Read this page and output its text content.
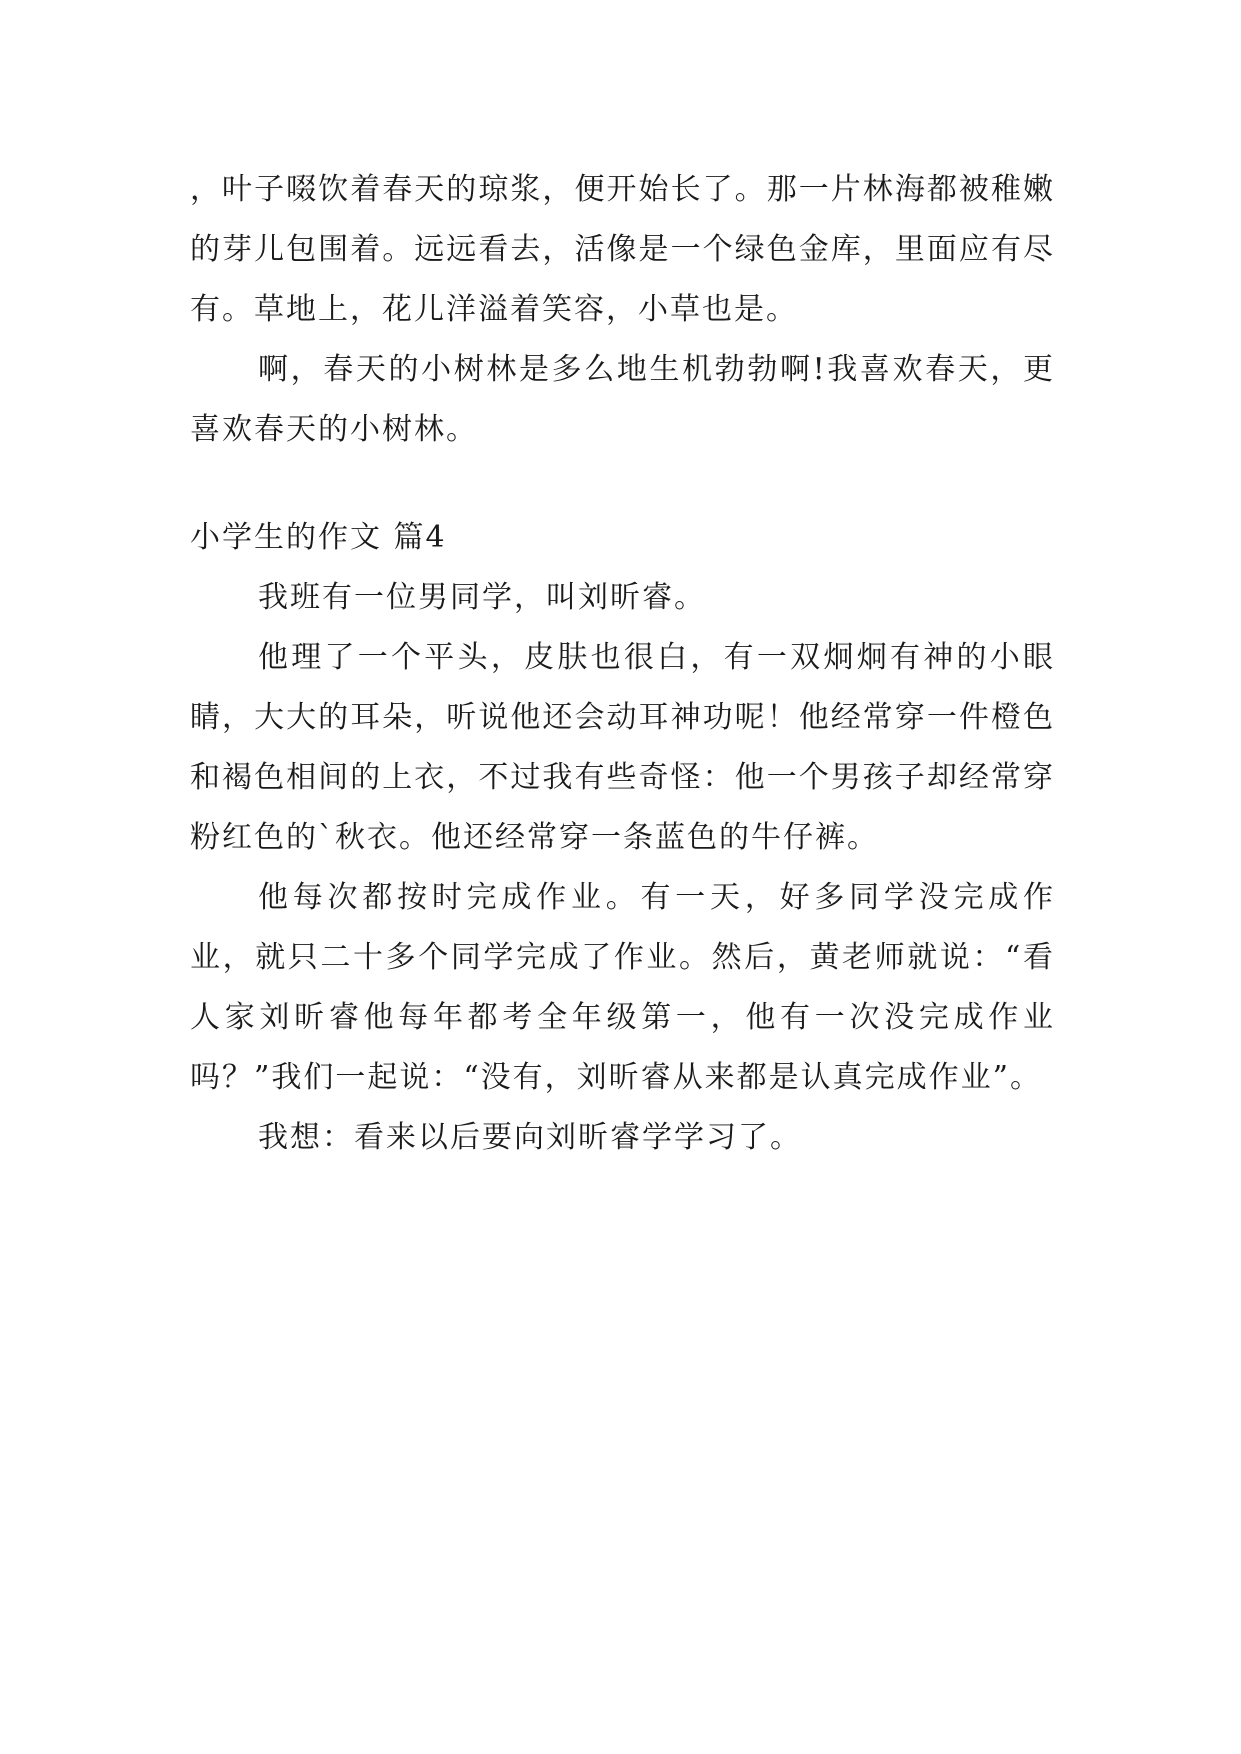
，叶子啜饮着春天的琼浆，便开始长了。那一片林海都被稚嫩的芽儿包围着。远远看去，活像是一个绿色金库，里面应有尽有。草地上，花儿洋溢着笑容，小草也是。

啊，春天的小树林是多么地生机勃勃啊!我喜欢春天，更喜欢春天的小树林。

小学生的作文 篇4

我班有一位男同学，叫刘昕睿。

他理了一个平头，皮肤也很白，有一双炯炯有神的小眼睛，大大的耳朵，听说他还会动耳神功呢！他经常穿一件橙色和褐色相间的上衣，不过我有些奇怪：他一个男孩子却经常穿粉红色的`秋衣。他还经常穿一条蓝色的牛仔裤。

他每次都按时完成作业。有一天，好多同学没完成作业，就只二十多个同学完成了作业。然后，黄老师就说：“看人家刘昕睿他每年都考全年级第一，他有一次没完成作业吗？”我们一起说：“没有，刘昕睿从来都是认真完成作业”。

我想：看来以后要向刘昕睿学学习了。
